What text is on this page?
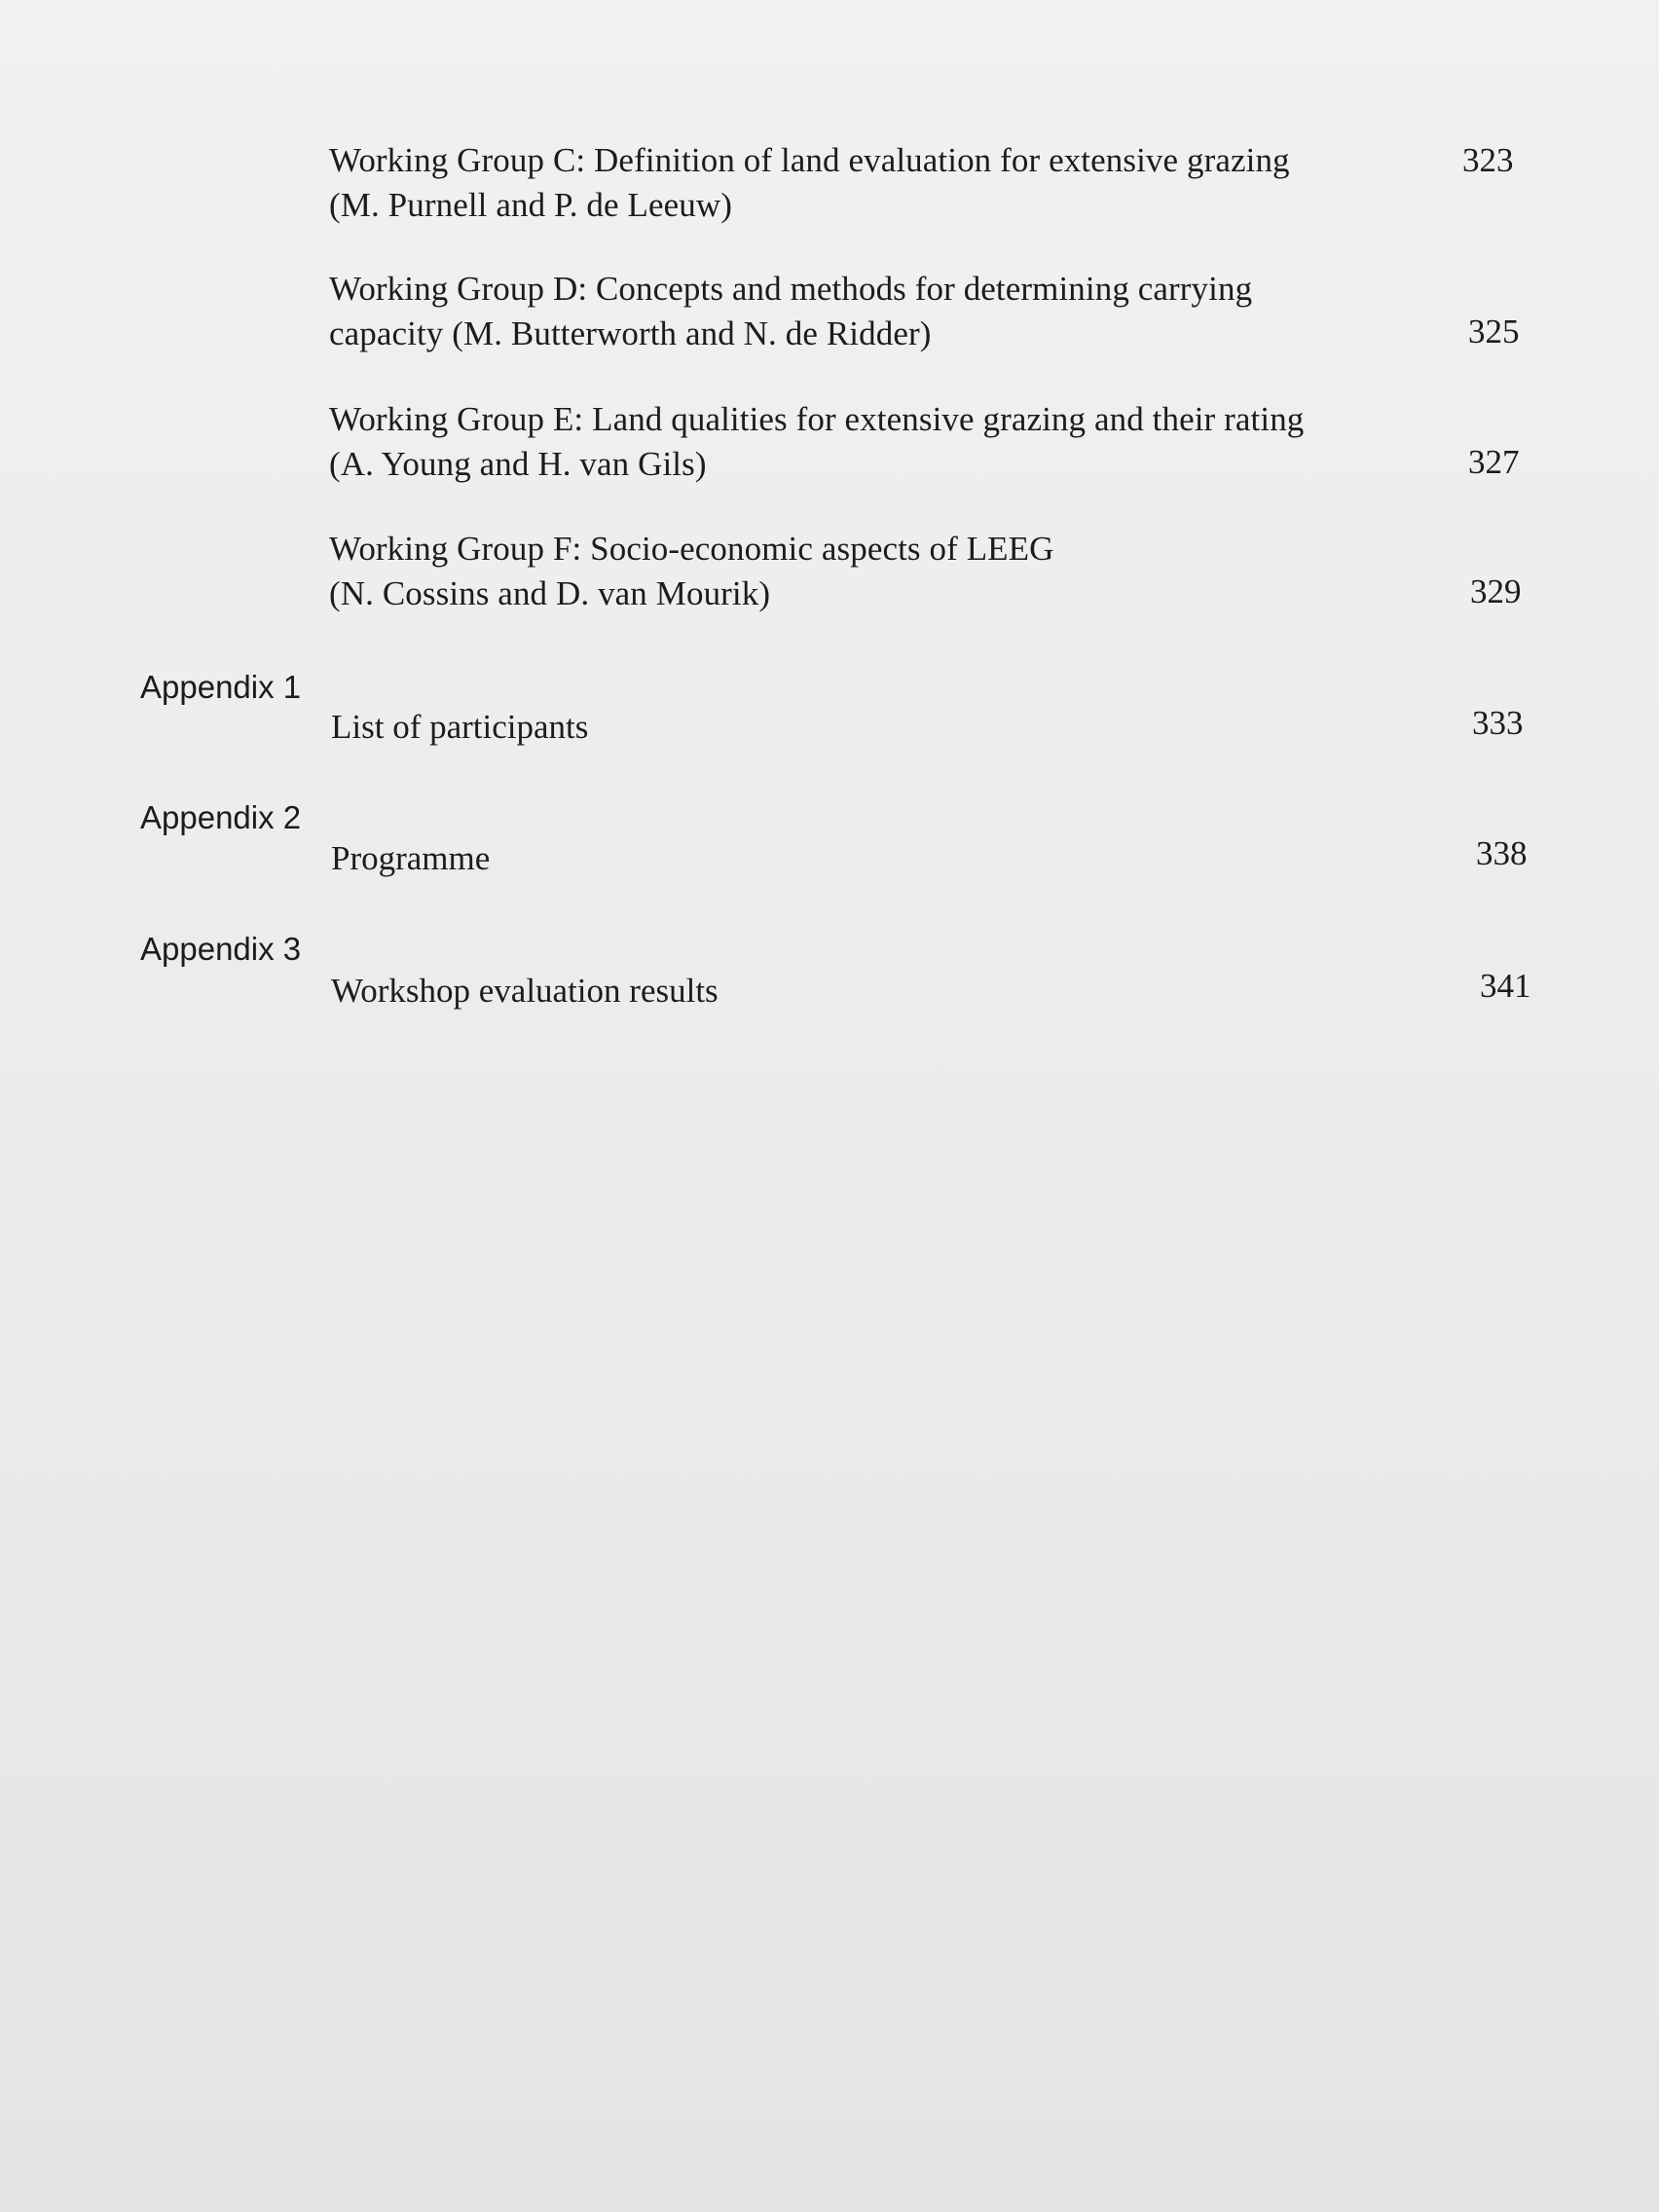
Working Group C: Definition of land evaluation for extensive grazing
(M. Purnell and P. de Leeuw)
323
Working Group D: Concepts and methods for determining carrying
capacity (M. Butterworth and N. de Ridder)	325
Working Group E: Land qualities for extensive grazing and their rating
(A. Young and H. van Gils)	327
Working Group F: Socio-economic aspects of LEEG
(N. Cossins and D. van Mourik)	329
Appendix 1
List of participants	333
Appendix 2
Programme	338
Appendix 3
Workshop evaluation results	341
